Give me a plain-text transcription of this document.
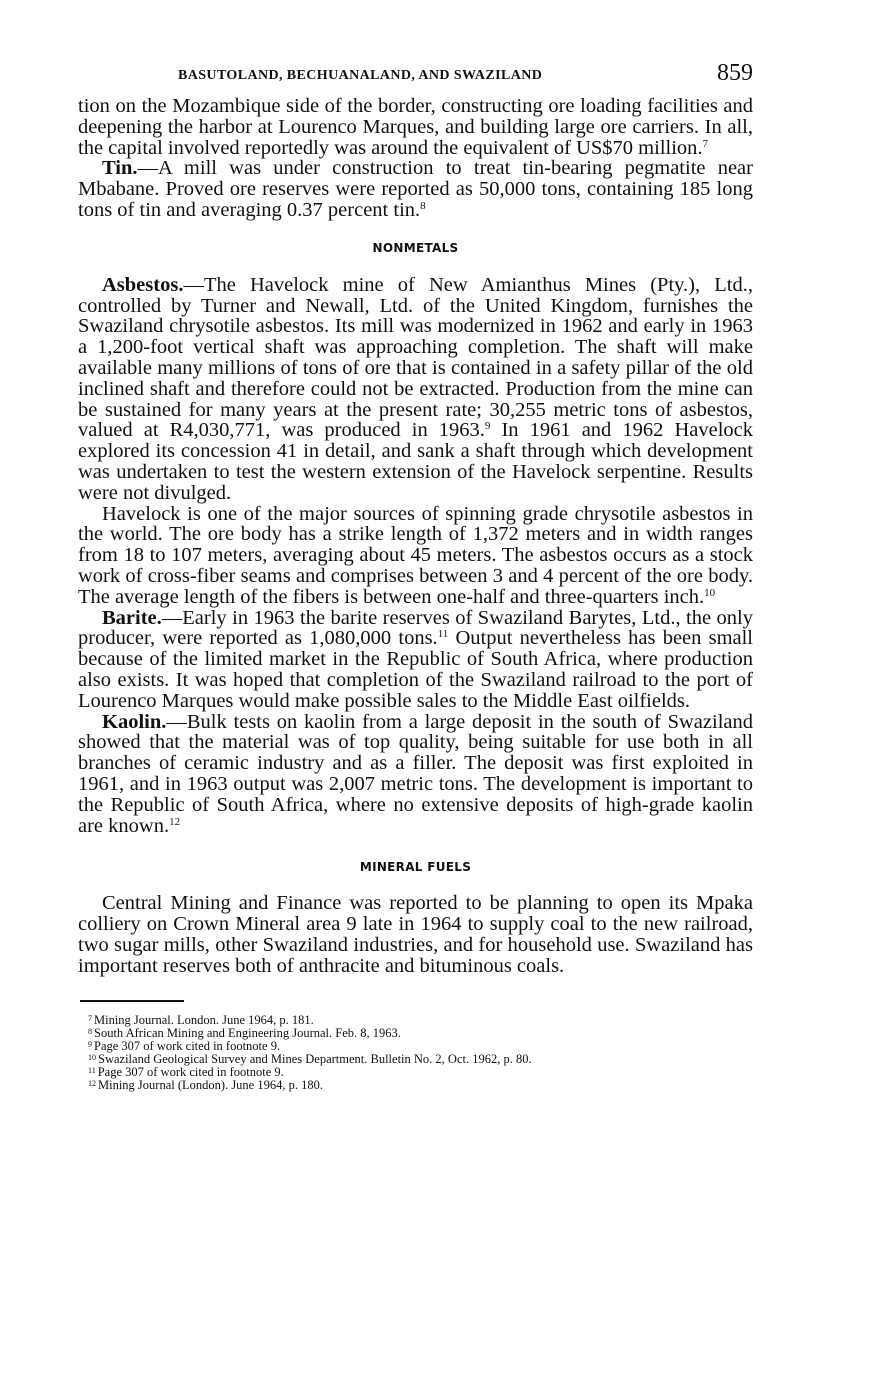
BASUTOLAND, BECHUANALAND, AND SWAZILAND	859

tion on the Mozambique side of the border, constructing ore loading facilities and deepening the harbor at Lourenco Marques, and building large ore carriers. In all, the capital involved reportedly was around the equivalent of US$70 million.$^7$

Tin.—A mill was under construction to treat tin-bearing pegmatite near Mbabane. Proved ore reserves were reported as 50,000 tons, containing 185 long tons of tin and averaging 0.37 percent tin.$^8$

NONMETALS

Asbestos.—The Havelock mine of New Amianthus Mines (Pty.), Ltd., controlled by Turner and Newall, Ltd. of the United Kingdom, furnishes the Swaziland chrysotile asbestos. Its mill was modernized in 1962 and early in 1963 a 1,200-foot vertical shaft was approaching completion. The shaft will make available many millions of tons of ore that is contained in a safety pillar of the old inclined shaft and therefore could not be extracted. Production from the mine can be sustained for many years at the present rate; 30,255 metric tons of asbestos, valued at R4,030,771, was produced in 1963.$^9$ In 1961 and 1962 Havelock explored its concession 41 in detail, and sank a shaft through which development was undertaken to test the western extension of the Havelock serpentine. Results were not divulged.

Havelock is one of the major sources of spinning grade chrysotile asbestos in the world. The ore body has a strike length of 1,372 meters and in width ranges from 18 to 107 meters, averaging about 45 meters. The asbestos occurs as a stock work of cross-fiber seams and comprises between 3 and 4 percent of the ore body. The average length of the fibers is between one-half and three-quarters inch.$^{10}$

Barite.—Early in 1963 the barite reserves of Swaziland Barytes, Ltd., the only producer, were reported as 1,080,000 tons.$^{11}$ Output nevertheless has been small because of the limited market in the Republic of South Africa, where production also exists. It was hoped that completion of the Swaziland railroad to the port of Lourenco Marques would make possible sales to the Middle East oilfields.

Kaolin.—Bulk tests on kaolin from a large deposit in the south of Swaziland showed that the material was of top quality, being suitable for use both in all branches of ceramic industry and as a filler. The deposit was first exploited in 1961, and in 1963 output was 2,007 metric tons. The development is important to the Republic of South Africa, where no extensive deposits of high-grade kaolin are known.$^{12}$

MINERAL FUELS

Central Mining and Finance was reported to be planning to open its Mpaka colliery on Crown Mineral area 9 late in 1964 to supply coal to the new railroad, two sugar mills, other Swaziland industries, and for household use. Swaziland has important reserves both of anthracite and bituminous coals.

$^7$ Mining Journal. London. June 1964, p. 181.

$^8$ South African Mining and Engineering Journal. Feb. 8, 1963.

$^9$ Page 307 of work cited in footnote 9.

$^{10}$ Swaziland Geological Survey and Mines Department. Bulletin No. 2, Oct. 1962, p. 80.

$^{11}$ Page 307 of work cited in footnote 9.

$^{12}$ Mining Journal (London). June 1964, p. 180.
